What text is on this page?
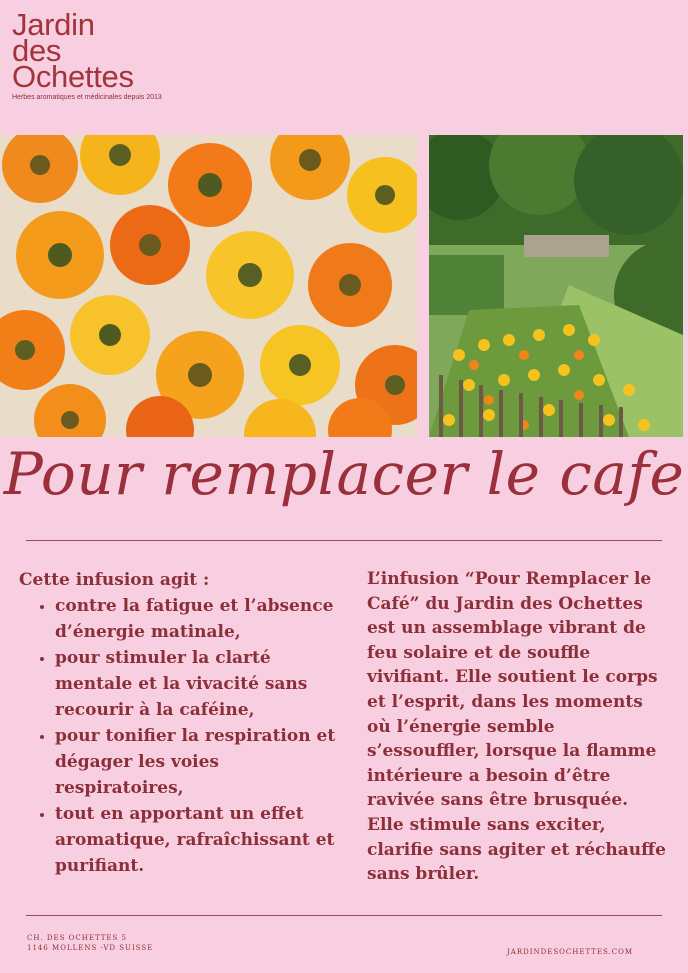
Jardin
des
Ochettes
Herbes aromatiques et médicinales depuis 2013
Pour remplacer le cafe

Cette infusion agit :

• contre la fatigue et l’absence d’énergie matinale,
• pour stimuler la clarté mentale et la vivacité sans recourir à la caféine,
• pour tonifier la respiration et dégager les voies respiratoires,
• tout en apportant un effet aromatique, rafraîchissant et purifiant.

L’infusion “Pour Remplacer le Café” du Jardin des Ochettes est un assemblage vibrant de feu solaire et de souffle vivifiant. Elle soutient le corps et l’esprit, dans les moments où l’énergie semble s’essouffler, lorsque la flamme intérieure a besoin d’être ravivée sans être brusquée. Elle stimule sans exciter, clarifie sans agiter et réchauffe sans brûler.

CH. DES OCHETTES 5
1146 MOLLENS -VD SUISSE	JARDINDESOCHETTES.COM
